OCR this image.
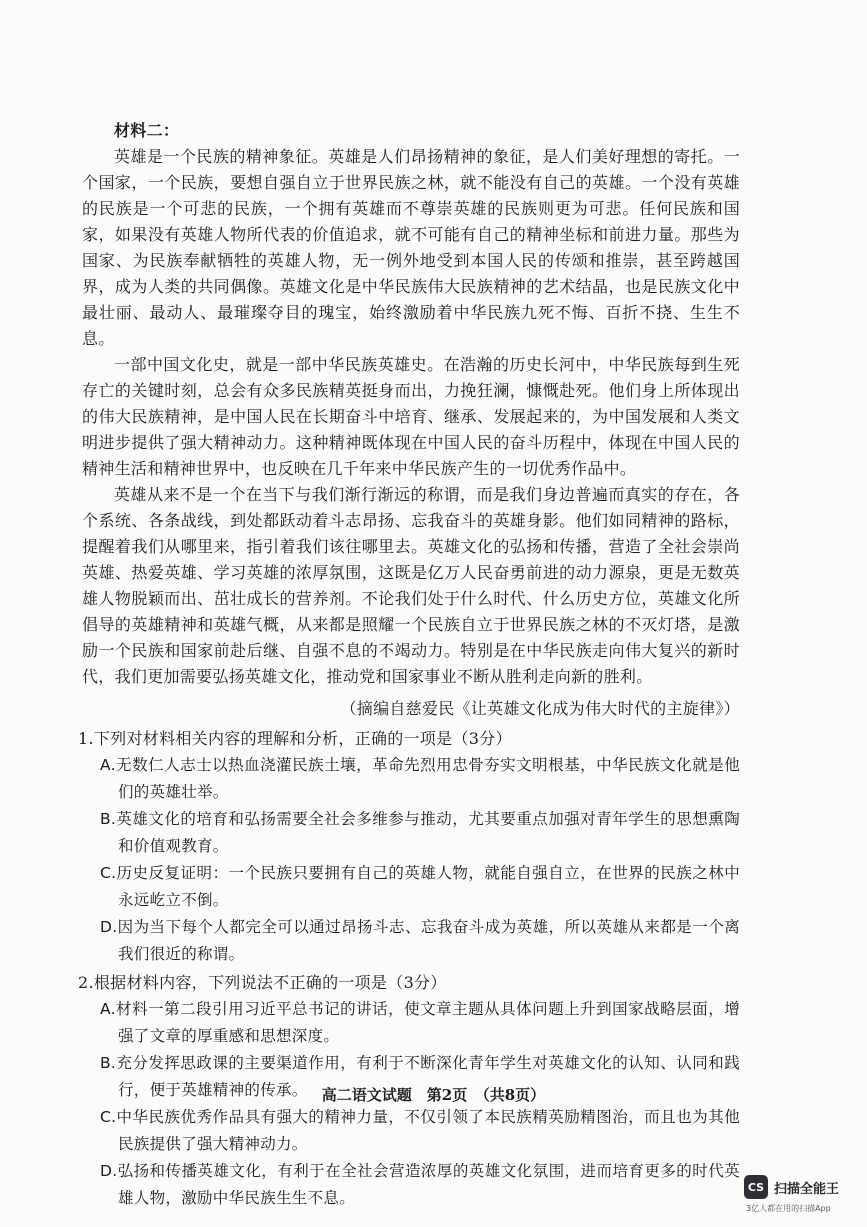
材料二：

英雄是一个民族的精神象征。英雄是人们昂扬精神的象征，是人们美好理想的寄托。一个国家，一个民族，要想自强自立于世界民族之林，就不能没有自己的英雄。一个没有英雄的民族是一个可悲的民族，一个拥有英雄而不尊崇英雄的民族则更为可悲。任何民族和国家，如果没有英雄人物所代表的价值追求，就不可能有自己的精神坐标和前进力量。那些为国家、为民族奉献牺牲的英雄人物，无一例外地受到本国人民的传颂和推崇，甚至跨越国界，成为人类的共同偶像。英雄文化是中华民族伟大民族精神的艺术结晶，也是民族文化中最壮丽、最动人、最璀璨夺目的瑰宝，始终激励着中华民族九死不悔、百折不挠、生生不息。

一部中国文化史，就是一部中华民族英雄史。在浩瀚的历史长河中，中华民族每到生死存亡的关键时刻，总会有众多民族精英挺身而出，力挽狂澜，慷慨赴死。他们身上所体现出的伟大民族精神，是中国人民在长期奋斗中培育、继承、发展起来的，为中国发展和人类文明进步提供了强大精神动力。这种精神既体现在中国人民的奋斗历程中，体现在中国人民的精神生活和精神世界中，也反映在几千年来中华民族产生的一切优秀作品中。

英雄从来不是一个在当下与我们渐行渐远的称谓，而是我们身边普遍而真实的存在，各个系统、各条战线，到处都跃动着斗志昂扬、忘我奋斗的英雄身影。他们如同精神的路标，提醒着我们从哪里来，指引着我们该往哪里去。英雄文化的弘扬和传播，营造了全社会崇尚英雄、热爱英雄、学习英雄的浓厚氛围，这既是亿万人民奋勇前进的动力源泉，更是无数英雄人物脱颖而出、茁壮成长的营养剂。不论我们处于什么时代、什么历史方位，英雄文化所倡导的英雄精神和英雄气概，从来都是照耀一个民族自立于世界民族之林的不灭灯塔，是激励一个民族和国家前赴后继、自强不息的不竭动力。特别是在中华民族走向伟大复兴的新时代，我们更加需要弘扬英雄文化，推动党和国家事业不断从胜利走向新的胜利。

（摘编自慈爱民《让英雄文化成为伟大时代的主旋律》）
1.下列对材料相关内容的理解和分析，正确的一项是（3分）
A.无数仁人志士以热血浇灌民族土壤，革命先烈用忠骨夯实文明根基，中华民族文化就是他们的英雄壮举。
B.英雄文化的培育和弘扬需要全社会多维参与推动，尤其要重点加强对青年学生的思想熏陶和价值观教育。
C.历史反复证明：一个民族只要拥有自己的英雄人物，就能自强自立，在世界的民族之林中永远屹立不倒。
D.因为当下每个人都完全可以通过昂扬斗志、忘我奋斗成为英雄，所以英雄从来都是一个离我们很近的称谓。
2.根据材料内容，下列说法不正确的一项是（3分）
A.材料一第二段引用习近平总书记的讲话，使文章主题从具体问题上升到国家战略层面，增强了文章的厚重感和思想深度。
B.充分发挥思政课的主要渠道作用，有利于不断深化青年学生对英雄文化的认知、认同和践行，便于英雄精神的传承。
C.中华民族优秀作品具有强大的精神力量，不仅引领了本民族精英励精图治，而且也为其他民族提供了强大精神动力。
D.弘扬和传播英雄文化，有利于在全社会营造浓厚的英雄文化氛围，进而培育更多的时代英雄人物，激励中华民族生生不息。
高二语文试题　第2页　（共8页）
CS 扫描全能王
3亿人都在用的扫描App
